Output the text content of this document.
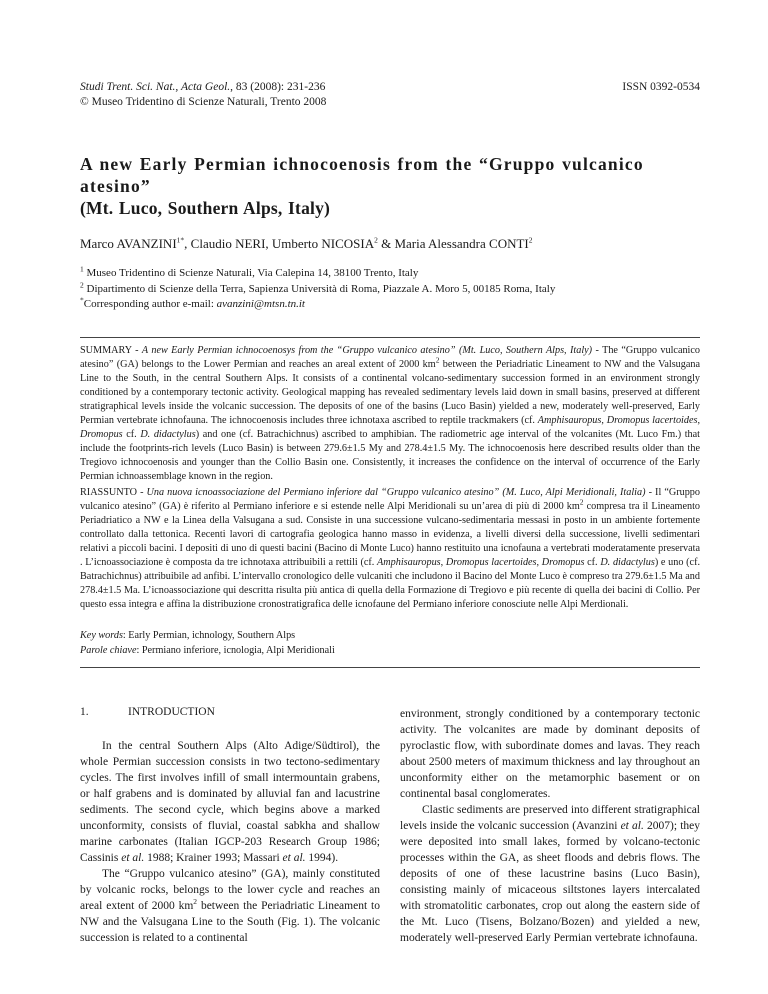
Studi Trent. Sci. Nat., Acta Geol., 83 (2008): 231-236
© Museo Tridentino di Scienze Naturali, Trento 2008
ISSN 0392-0534
A new Early Permian ichnocoenosis from the “Gruppo vulcanico atesino”
(Mt. Luco, Southern Alps, Italy)
Marco $AVANZINI^{1*}$, Claudio NERI, Umberto NICOSIA$^2$ & Maria Alessandra CONTI$^2$
$^1$ Museo Tridentino di Scienze Naturali, Via Calepina 14, 38100 Trento, Italy
$^2$ Dipartimento di Scienze della Terra, Sapienza Università di Roma, Piazzale A. Moro 5, 00185 Roma, Italy
*Corresponding author e-mail: avanzini@mtsn.tn.it
SUMMARY - A new Early Permian ichnocoenosys from the “Gruppo vulcanico atesino” (Mt. Luco, Southern Alps, Italy) - The “Gruppo vulcanico atesino” (GA) belongs to the Lower Permian and reaches an areal extent of 2000 $km^2$ between the Periadriatic Lineament to NW and the Valsugana Line to the South, in the central Southern Alps. It consists of a continental volcano-sedimentary succession formed in an environment strongly conditioned by a contemporary tectonic activity. Geological mapping has revealed sedimentary levels laid down in small basins, preserved at different stratigraphical levels inside the volcanic succession. The deposits of one of the basins (Luco Basin) yielded a new, moderately well-preserved, Early Permian vertebrate ichnofauna. The ichnocoenosis includes three ichnotaxa ascribed to reptile trackmakers (cf. Amphisauropus, Dromopus lacertoides, Dromopus cf. D. didactylus) and one (cf. Batrachichnus) ascribed to amphibian. The radiometric age interval of the volcanites (Mt. Luco Fm.) that include the footprints-rich levels (Luco Basin) is between 279.6±1.5 My and 278.4±1.5 My. The ichnocoenosis here described results older than the Tregiovo ichnocoenosis and younger than the Collio Basin one. Consistently, it increases the confidence on the interval of occurrence of the Early Permian ichnoassemblage known in the region.
RIASSUNTO - Una nuova icnoassociazione del Permiano inferiore dal “Gruppo vulcanico atesino” (M. Luco, Alpi Meridionali, Italia) - Il “Gruppo vulcanico atesino” (GA) è riferito al Permiano inferiore e si estende nelle Alpi Meridionali su un’area di più di 2000 $km^2$ compresa tra il Lineamento Periadriatico a NW e la Linea della Valsugana a sud. Consiste in una successione vulcano-sedimentaria messasi in posto in un ambiente fortemente controllato dalla tettonica. Recenti lavori di cartografia geologica hanno masso in evidenza, a livelli diversi della successione, livelli sedimentari relativi a piccoli bacini. I depositi di uno di questi bacini (Bacino di Monte Luco) hanno restituito una icnofauna a vertebrati moderatamente preservata . L’icnoassociazione è composta da tre ichnotaxa attribuibili a rettili (cf. Amphisauropus, Dromopus lacertoides, Dromopus cf. D. didactylus) e uno (cf. Batrachichnus) attribuibile ad anfibi. L’intervallo cronologico delle vulcaniti che includono il Bacino del Monte Luco è compreso tra 279.6±1.5 Ma and 278.4±1.5 Ma. L’icnoassociazione qui descritta risulta più antica di quella della Formazione di Tregiovo e più recente di quella dei bacini di Collio. Per questo essa integra e affina la distribuzione cronostratigrafica delle icnofaune del Permiano inferiore conosciute nelle Alpi Merdionali.
Key words: Early Permian, ichnology, Southern Alps
Parole chiave: Permiano inferiore, icnologia, Alpi Meridionali
1.	INTRODUCTION

In the central Southern Alps (Alto Adige/Südtirol), the whole Permian succession consists in two tectono-sedimentary cycles. The first involves infill of small intermountain grabens, or half grabens and is dominated by alluvial fan and lacustrine sediments. The second cycle, which begins above a marked unconformity, consists of fluvial, coastal sabkha and shallow marine carbonates (Italian IGCP-203 Research Group 1986; Cassinis et al. 1988; Krainer 1993; Massari et al. 1994).

The “Gruppo vulcanico atesino” (GA), mainly constituted by volcanic rocks, belongs to the lower cycle and reaches an areal extent of 2000 $km^2$ between the Periadriatic Lineament to NW and the Valsugana Line to the South (Fig. 1). The volcanic succession is related to a continental

environment, strongly conditioned by a contemporary tectonic activity. The volcanites are made by dominant deposits of pyroclastic flow, with subordinate domes and lavas. They reach about 2500 meters of maximum thickness and lay throughout an unconformity either on the metamorphic basement or on continental basal conglomerates.

Clastic sediments are preserved into different stratigraphical levels inside the volcanic succession (Avanzini et al. 2007); they were deposited into small lakes, formed by volcano-tectonic processes within the GA, as sheet floods and debris flows. The deposits of one of these lacustrine basins (Luco Basin), consisting mainly of micaceous siltstones layers intercalated with stromatolitic carbonates, crop out along the eastern side of the Mt. Luco (Tisens, Bolzano/Bozen) and yielded a new, moderately well-preserved Early Permian vertebrate ichnofauna.
